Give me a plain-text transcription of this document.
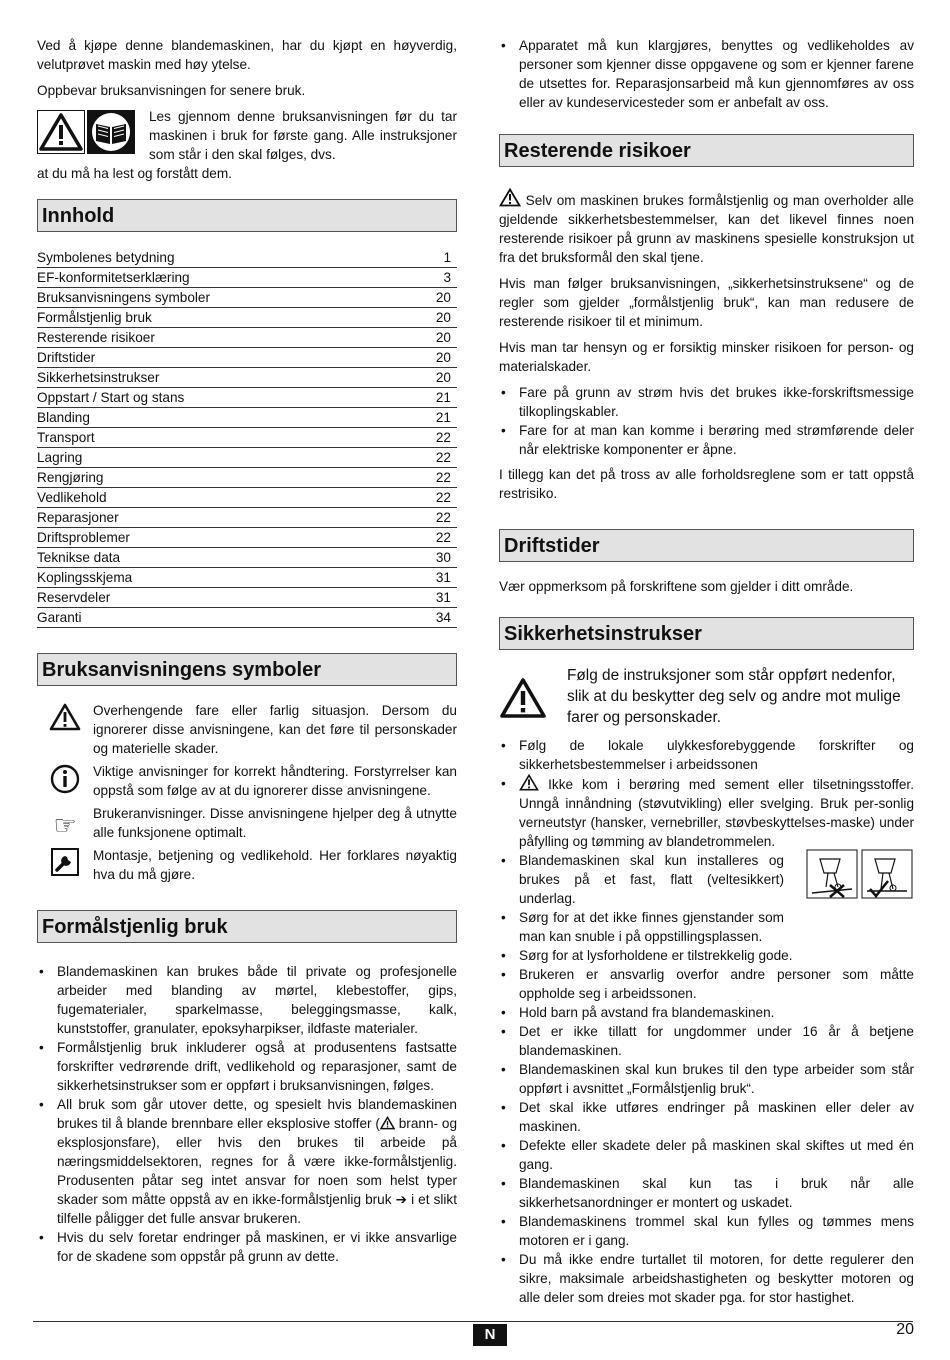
Ved å kjøpe denne blandemaskinen, har du kjøpt en høyverdig, velutprøvet maskin med høy ytelse.

Oppbevar bruksanvisningen for senere bruk.

Les gjennom denne bruksanvisningen før du tar maskinen i bruk for første gang. Alle instruksjoner som står i den skal følges, dvs.

at du må ha lest og forstått dem.

Innhold
Symbolenes betydning	1
EF-konformitetserklæring	3
Bruksanvisningens symboler	20
Formålstjenlig bruk	20
Resterende risikoer	20
Driftstider	20
Sikkerhetsinstrukser	20
Oppstart / Start og stans	21
Blanding	21
Transport	22
Lagring	22
Rengjøring	22
Vedlikehold	22
Reparasjoner	22
Driftsproblemer	22
Teknikse data	30
Koplingsskjema	31
Reservdeler	31
Garanti	34
Bruksanvisningens symboler
Overhengende fare eller farlig situasjon. Dersom du ignorerer disse anvisningene, kan det føre til personskader og materielle skader.
Viktige anvisninger for korrekt håndtering. Forstyrrelser kan oppstå som følge av at du ignorerer disse anvisningene.
☞ Brukeranvisninger. Disse anvisningene hjelper deg å utnytte alle funksjonene optimalt.
Montasje, betjening og vedlikehold. Her forklares nøyaktig hva du må gjøre.
Formålstjenlig bruk
• Blandemaskinen kan brukes både til private og profesjonelle arbeider med blanding av mørtel, klebestoffer, gips, fugematerialer, sparkelmasse, beleggingsmasse, kalk, kunststoffer, granulater, epoksyharpikser, ildfaste materialer.
• Formålstjenlig bruk inkluderer også at produsentens fastsatte forskrifter vedrørende drift, vedlikehold og reparasjoner, samt de sikkerhetsinstrukser som er oppført i bruksanvisningen, følges.
• All bruk som går utover dette, og spesielt hvis blandemaskinen brukes til å blande brennbare eller eksplosive stoffer ( brann- og eksplosjonsfare), eller hvis den brukes til arbeide på næringsmiddelsektoren, regnes for å være ikke-formålstjenlig. Produsenten påtar seg intet ansvar for noen som helst typer skader som måtte oppstå av en ikke-formålstjenlig bruk ➔ i et slikt tilfelle påligger det fulle ansvar brukeren.
• Hvis du selv foretar endringer på maskinen, er vi ikke ansvarlige for de skadene som oppstår på grunn av dette.
• Apparatet må kun klargjøres, benyttes og vedlikeholdes av personer som kjenner disse oppgavene og som er kjenner farene de utsettes for. Reparasjonsarbeid må kun gjennomføres av oss eller av kundeservicesteder som er anbefalt av oss.
Resterende risikoer

Selv om maskinen brukes formålstjenlig og man overholder alle gjeldende sikkerhetsbestemmelser, kan det likevel finnes noen resterende risikoer på grunn av maskinens spesielle konstruksjon ut fra det bruksformål den skal tjene.

Hvis man følger bruksanvisningen, „sikkerhetsinstruksene“ og de regler som gjelder „formålstjenlig bruk“, kan man redusere de resterende risikoer til et minimum.

Hvis man tar hensyn og er forsiktig minsker risikoen for person- og materialskader.

• Fare på grunn av strøm hvis det brukes ikke-forskriftsmessige tilkoplingskabler.
• Fare for at man kan komme i berøring med strømførende deler når elektriske komponenter er åpne.

I tillegg kan det på tross av alle forholdsreglene som er tatt oppstå restrisiko.

Driftstider

Vær oppmerksom på forskriftene som gjelder i ditt område.

Sikkerhetsinstrukser
Følg de instruksjoner som står oppført nedenfor, slik at du beskytter deg selv og andre mot mulige farer og personskader.
• Følg de lokale ulykkesforebyggende forskrifter og sikkerhetsbestemmelser i arbeidssonen
• Ikke kom i berøring med sement eller tilsetningsstoffer. Unngå innåndning (støvutvikling) eller svelging. Bruk per-sonlig verneutstyr (hansker, vernebriller, støvbeskyttelses-maske) under påfylling og tømming av blandetrommelen.
• Blandemaskinen skal kun installeres og brukes på et fast, flatt (veltesikkert) underlag.
• Sørg for at det ikke finnes gjenstander som man kan snuble i på oppstillingsplassen.
• Sørg for at lysforholdene er tilstrekkelig gode.
• Brukeren er ansvarlig overfor andre personer som måtte oppholde seg i arbeidssonen.
• Hold barn på avstand fra blandemaskinen.
• Det er ikke tillatt for ungdommer under 16 år å betjene blandemaskinen.
• Blandemaskinen skal kun brukes til den type arbeider som står oppført i avsnittet „Formålstjenlig bruk“.
• Det skal ikke utføres endringer på maskinen eller deler av maskinen.
• Defekte eller skadete deler på maskinen skal skiftes ut med én gang.
• Blandemaskinen skal kun tas i bruk når alle sikkerhetsanordninger er montert og uskadet.
• Blandemaskinens trommel skal kun fylles og tømmes mens motoren er i gang.
• Du må ikke endre turtallet til motoren, for dette regulerer den sikre, maksimale arbeidshastigheten og beskytter motoren og alle deler som dreies mot skader pga. for stor hastighet.
N	20
